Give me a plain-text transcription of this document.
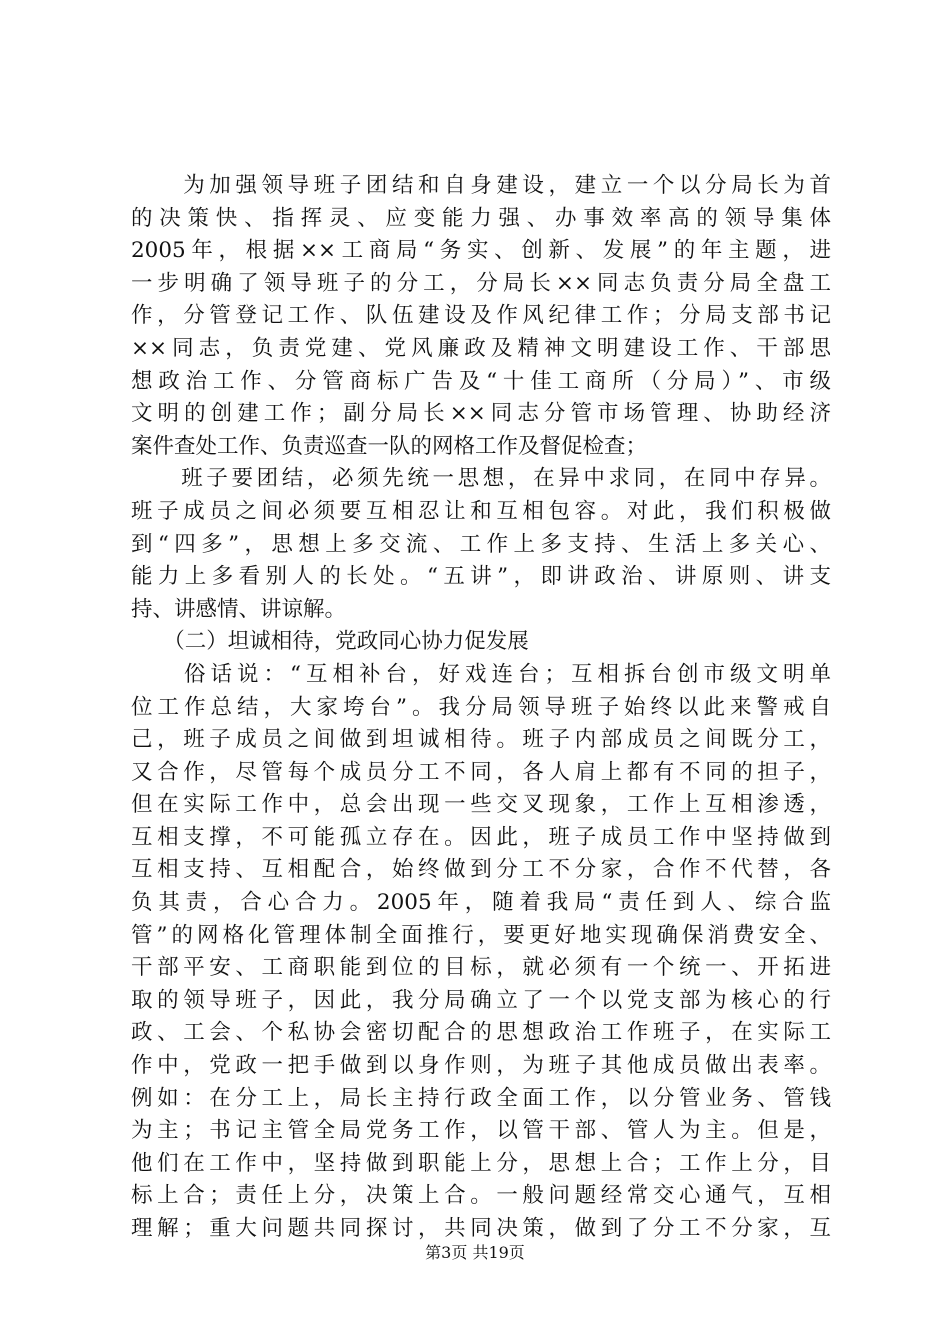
　　为加强领导班子团结和自身建设，建立一个以分局长为首
的决策快、指挥灵、应变能力强、办事效率高的领导集体
2005年，根据××工商局“务实、创新、发展”的年主题，进
一步明确了领导班子的分工，分局长××同志负责分局全盘工
作，分管登记工作、队伍建设及作风纪律工作；分局支部书记
××同志，负责党建、党风廉政及精神文明建设工作、干部思
想政治工作、分管商标广告及“十佳工商所（分局）”、市级
文明的创建工作；副分局长××同志分管市场管理、协助经济
案件查处工作、负责巡查一队的网格工作及督促检查；
　　班子要团结，必须先统一思想，在异中求同，在同中存异。
班子成员之间必须要互相忍让和互相包容。对此，我们积极做
到“四多”，思想上多交流、工作上多支持、生活上多关心、
能力上多看别人的长处。“五讲”，即讲政治、讲原则、讲支
持、讲感情、讲谅解。
　　（二）坦诚相待，党政同心协力促发展
　　俗话说：“互相补台，好戏连台；互相拆台创市级文明单
位工作总结，大家垮台”。我分局领导班子始终以此来警戒自
己，班子成员之间做到坦诚相待。班子内部成员之间既分工，
又合作，尽管每个成员分工不同，各人肩上都有不同的担子，
但在实际工作中，总会出现一些交叉现象，工作上互相渗透，
互相支撑，不可能孤立存在。因此，班子成员工作中坚持做到
互相支持、互相配合，始终做到分工不分家，合作不代替，各
负其责，合心合力。2005年，随着我局“责任到人、综合监
管”的网格化管理体制全面推行，要更好地实现确保消费安全、
干部平安、工商职能到位的目标，就必须有一个统一、开拓进
取的领导班子，因此，我分局确立了一个以党支部为核心的行
政、工会、个私协会密切配合的思想政治工作班子，在实际工
作中，党政一把手做到以身作则，为班子其他成员做出表率。
例如：在分工上，局长主持行政全面工作，以分管业务、管钱
为主；书记主管全局党务工作，以管干部、管人为主。但是，
他们在工作中，坚持做到职能上分，思想上合；工作上分，目
标上合；责任上分，决策上合。一般问题经常交心通气，互相
理解；重大问题共同探讨，共同决策，做到了分工不分家，互
第3页 共19页
